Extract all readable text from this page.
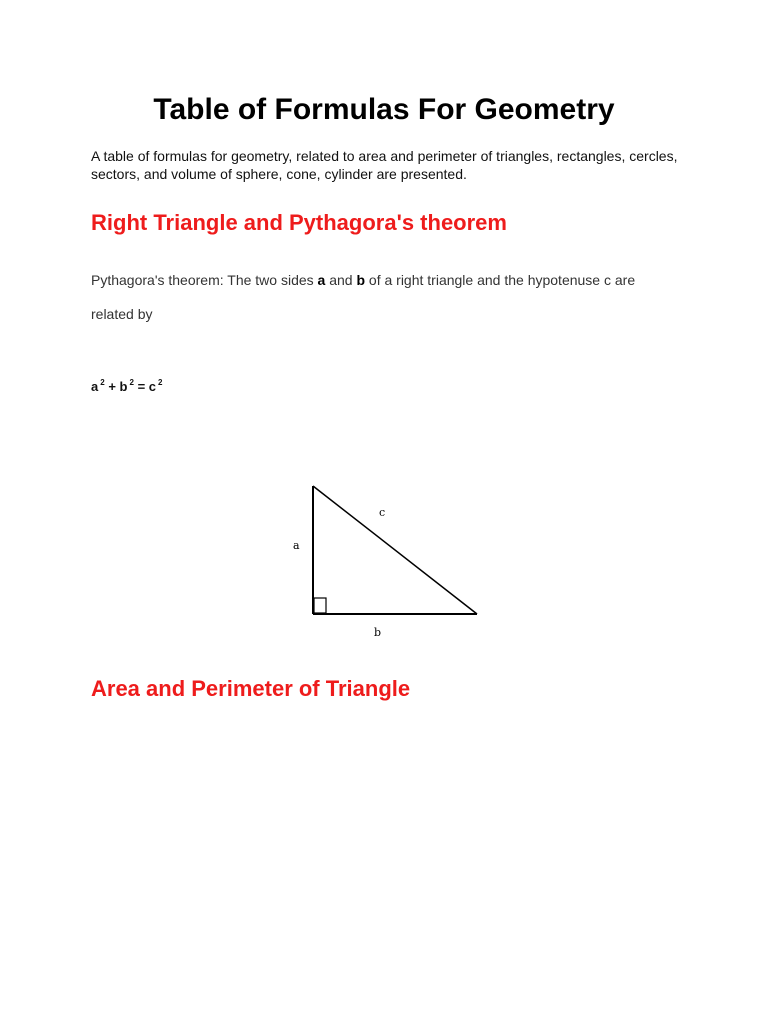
Table of Formulas For Geometry

A table of formulas for geometry, related to area and perimeter of triangles, rectangles, cercles, sectors, and volume of sphere, cone, cylinder are presented.

Right Triangle and Pythagora's theorem

Pythagora's theorem: The two sides a and b of a right triangle and the hypotenuse c are

related by

a $^2$ + b $^2$ = c $^2$

a
b
c
Area and Perimeter of Triangle
